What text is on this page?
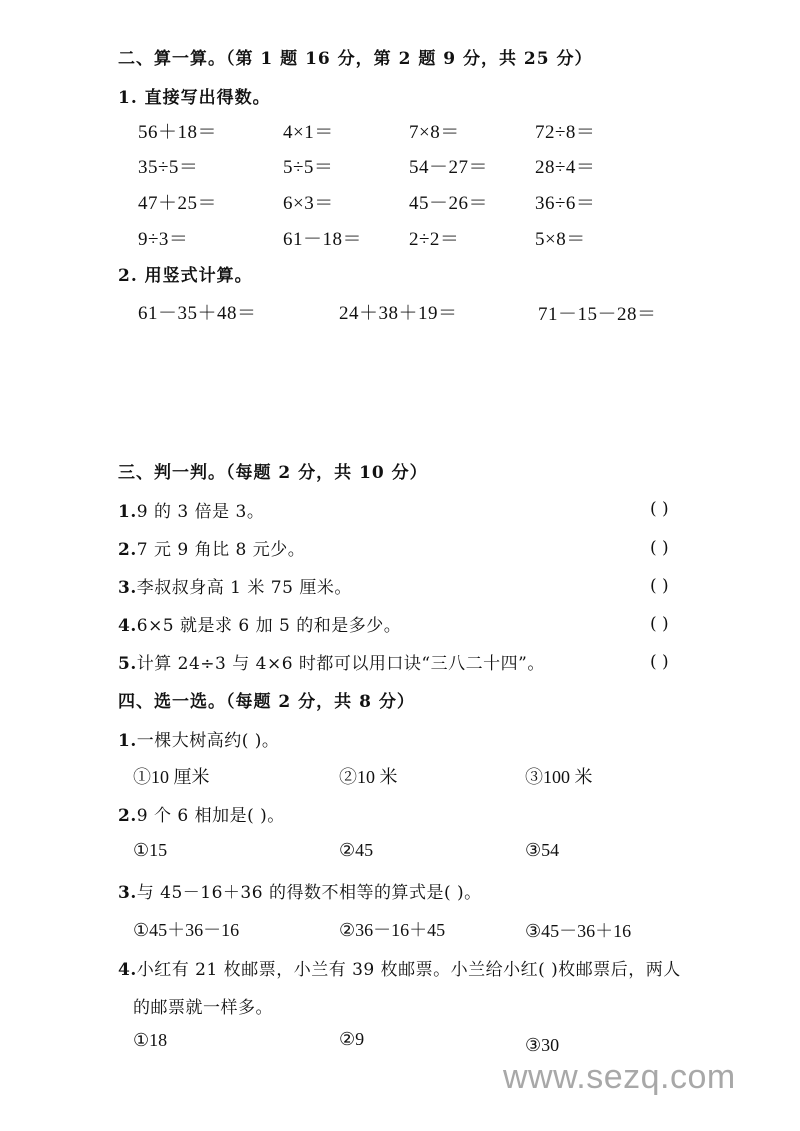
二、算一算。（第 1 题 16 分，第 2 题 9 分，共 25 分）
1. 直接写出得数。
56＋18＝	4×1＝	7×8＝	72÷8＝
35÷5＝	5÷5＝	54－27＝ 28÷4＝
47＋25＝	6×3＝	45－26＝ 36÷6＝
9÷3＝	61－18＝ 2÷2＝	5×8＝
2. 用竖式计算。
61－35＋48＝	24＋38＋19＝	71－15－28＝
三、判一判。（每题 2 分，共 10 分）
1.9 的 3 倍是 3。	( )
2.7 元 9 角比 8 元少。	( )
3.李叔叔身高 1 米 75 厘米。	( )
4.6×5 就是求 6 加 5 的和是多少。	( )
5.计算 24÷3 与 4×6 时都可以用口诀“三八二十四”。	( )
四、选一选。（每题 2 分，共 8 分）
1.一棵大树高约( )。
①10 厘米	②10 米	③100 米
2.9 个 6 相加是( )。
①15	②45	③54
3.与 45－16＋36 的得数不相等的算式是( )。
①45＋36－16	②36－16＋45	③45－36＋16
4.小红有 21 枚邮票，小兰有 39 枚邮票。小兰给小红( )枚邮票后，两人
的邮票就一样多。
①18	②9	③30
www.sezq.com
